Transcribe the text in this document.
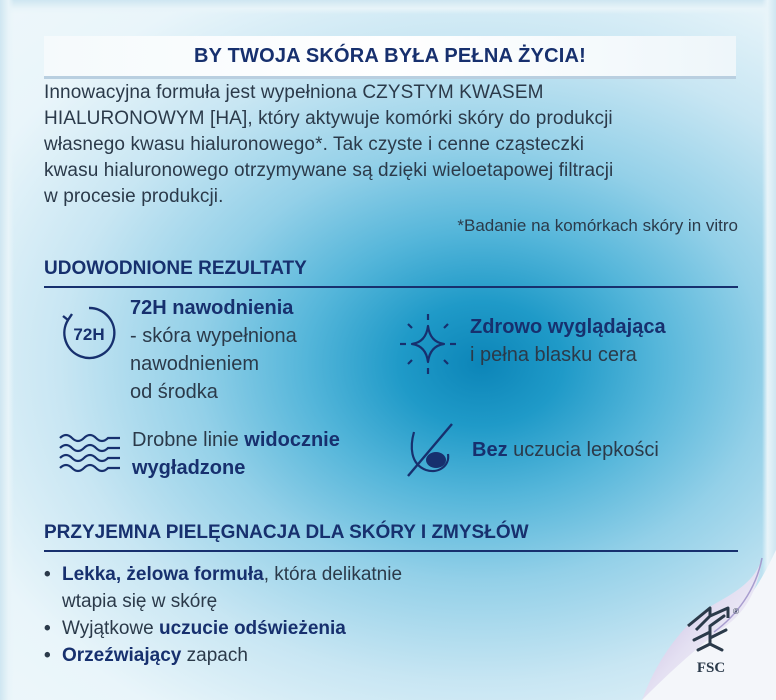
BY TWOJA SKÓRA BYŁA PEŁNA ŻYCIA!
Innowacyjna formuła jest wypełniona CZYSTYM KWASEM
HIALURONOWYM [HA], który aktywuje komórki skóry do produkcji
własnego kwasu hialuronowego*. Tak czyste i cenne cząsteczki
kwasu hialuronowego otrzymywane są dzięki wieloetapowej filtracji
w procesie produkcji.
*Badanie na komórkach skóry in vitro
UDOWODNIONE REZULTATY
72H
72H nawodnienia
- skóra wypełniona
nawodnieniem
od środka
Zdrowo wyglądająca
i pełna blasku cera
Drobne linie widocznie
wygładzone
Bez uczucia lepkości
PRZYJEMNA PIELĘGNACJA DLA SKÓRY I ZMYSŁÓW
• Lekka, żelowa formuła, która delikatnie
wtapia się w skórę
• Wyjątkowe uczucie odświeżenia
• Orzeźwiający zapach
FSC
®
